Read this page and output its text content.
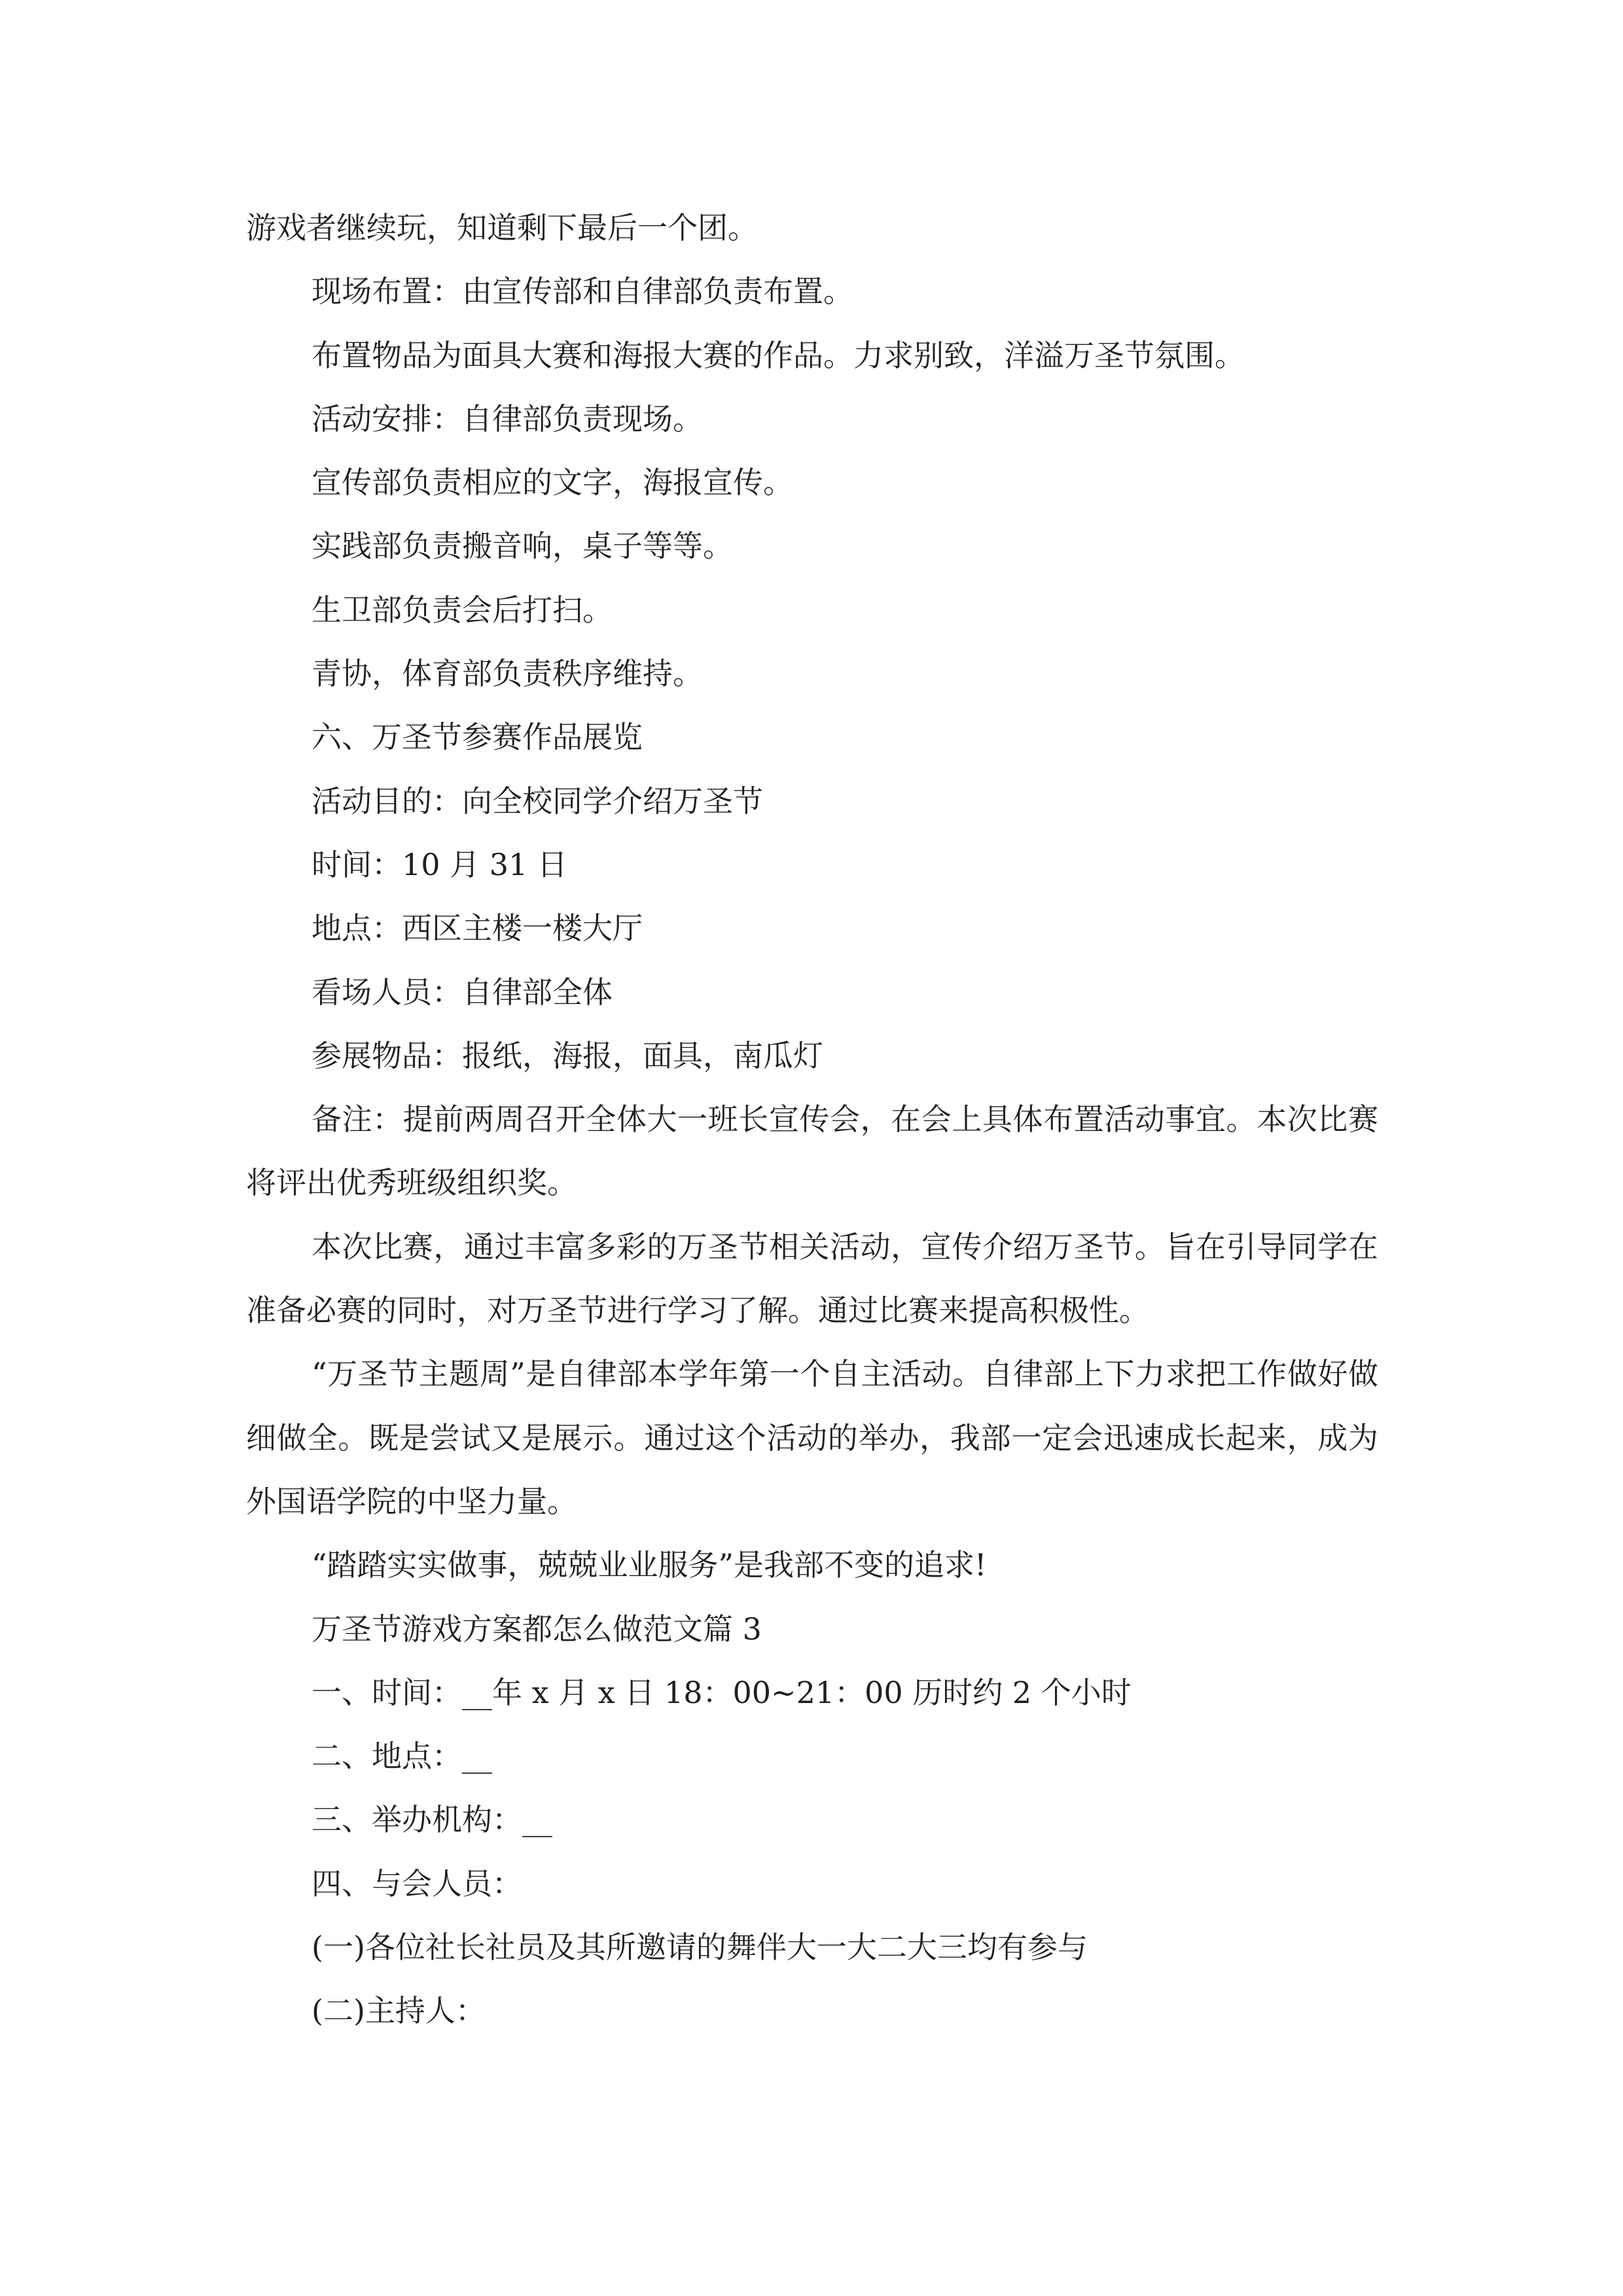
游戏者继续玩，知道剩下最后一个团。

现场布置：由宣传部和自律部负责布置。

布置物品为面具大赛和海报大赛的作品。力求别致，洋溢万圣节氛围。

活动安排：自律部负责现场。

宣传部负责相应的文字，海报宣传。

实践部负责搬音响，桌子等等。

生卫部负责会后打扫。

青协，体育部负责秩序维持。

六、万圣节参赛作品展览

活动目的：向全校同学介绍万圣节

时间：10 月 31 日

地点：西区主楼一楼大厅

看场人员：自律部全体

参展物品：报纸，海报，面具，南瓜灯

备注：提前两周召开全体大一班长宣传会，在会上具体布置活动事宜。本次比赛将评出优秀班级组织奖。

本次比赛，通过丰富多彩的万圣节相关活动，宣传介绍万圣节。旨在引导同学在准备必赛的同时，对万圣节进行学习了解。通过比赛来提高积极性。

“万圣节主题周”是自律部本学年第一个自主活动。自律部上下力求把工作做好做细做全。既是尝试又是展示。通过这个活动的举办，我部一定会迅速成长起来，成为外国语学院的中坚力量。

“踏踏实实做事，兢兢业业服务”是我部不变的追求!

万圣节游戏方案都怎么做范文篇 3

一、时间：__年 x 月 x 日 18：00~21：00 历时约 2 个小时

二、地点：__

三、举办机构：__

四、与会人员：

(一)各位社长社员及其所邀请的舞伴大一大二大三均有参与

(二)主持人：
